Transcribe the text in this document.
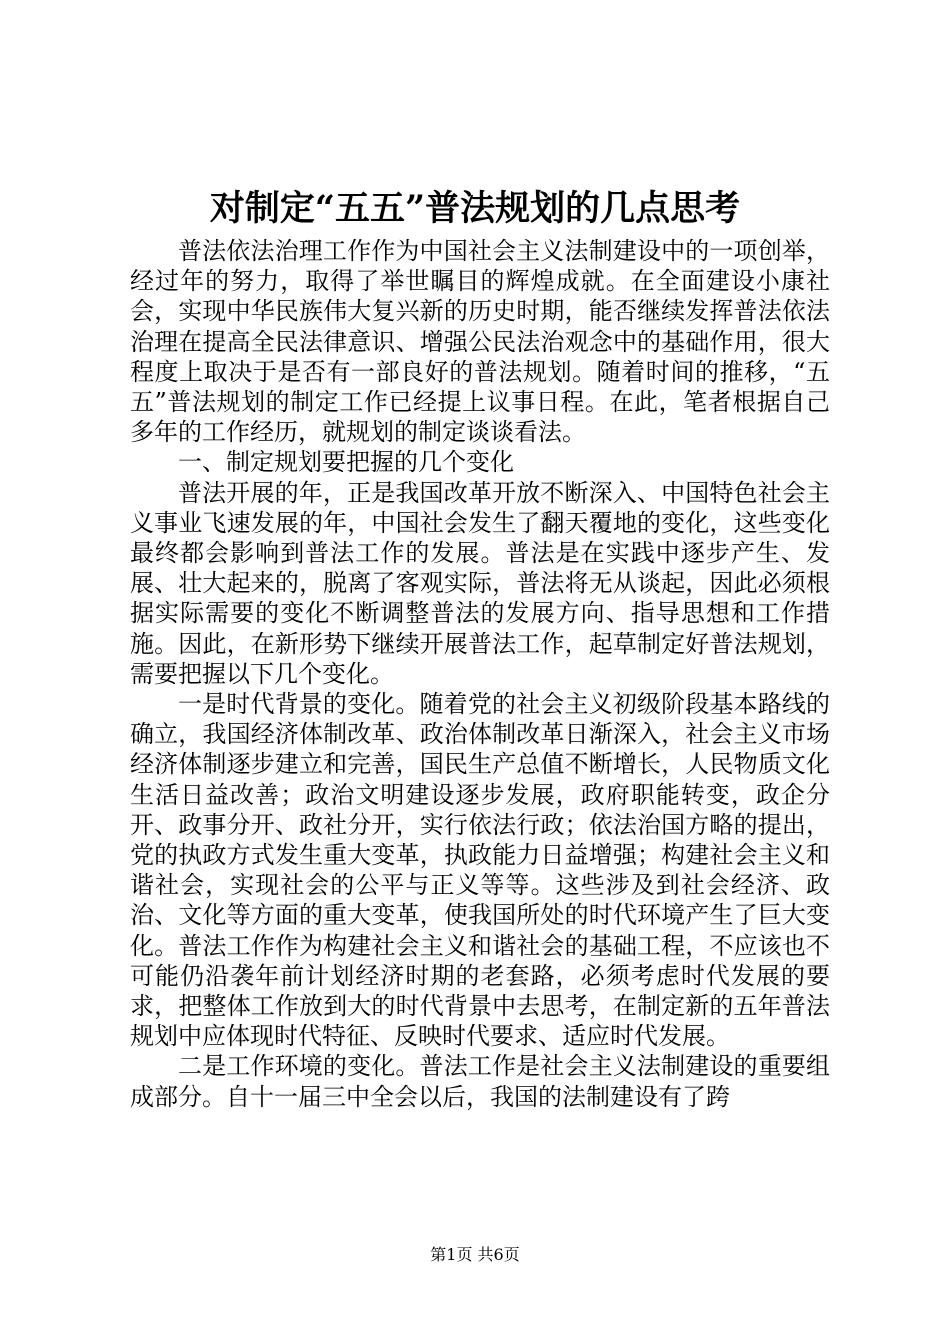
对制定“五五”普法规划的几点思考

普法依法治理工作作为中国社会主义法制建设中的一项创举，经过年的努力，取得了举世瞩目的辉煌成就。在全面建设小康社会，实现中华民族伟大复兴新的历史时期，能否继续发挥普法依法治理在提高全民法律意识、增强公民法治观念中的基础作用，很大程度上取决于是否有一部良好的普法规划。随着时间的推移，“五五”普法规划的制定工作已经提上议事日程。在此，笔者根据自己多年的工作经历，就规划的制定谈谈看法。

一、制定规划要把握的几个变化

普法开展的年，正是我国改革开放不断深入、中国特色社会主义事业飞速发展的年，中国社会发生了翻天覆地的变化，这些变化最终都会影响到普法工作的发展。普法是在实践中逐步产生、发展、壮大起来的，脱离了客观实际，普法将无从谈起，因此必须根据实际需要的变化不断调整普法的发展方向、指导思想和工作措施。因此，在新形势下继续开展普法工作，起草制定好普法规划，需要把握以下几个变化。

一是时代背景的变化。随着党的社会主义初级阶段基本路线的确立，我国经济体制改革、政治体制改革日渐深入，社会主义市场经济体制逐步建立和完善，国民生产总值不断增长，人民物质文化生活日益改善；政治文明建设逐步发展，政府职能转变，政企分开、政事分开、政社分开，实行依法行政；依法治国方略的提出，党的执政方式发生重大变革，执政能力日益增强；构建社会主义和谐社会，实现社会的公平与正义等等。这些涉及到社会经济、政治、文化等方面的重大变革，使我国所处的时代环境产生了巨大变化。普法工作作为构建社会主义和谐社会的基础工程，不应该也不可能仍沿袭年前计划经济时期的老套路，必须考虑时代发展的要求，把整体工作放到大的时代背景中去思考，在制定新的五年普法规划中应体现时代特征、反映时代要求、适应时代发展。

二是工作环境的变化。普法工作是社会主义法制建设的重要组成部分。自十一届三中全会以后，我国的法制建设有了跨

第1页 共6页
